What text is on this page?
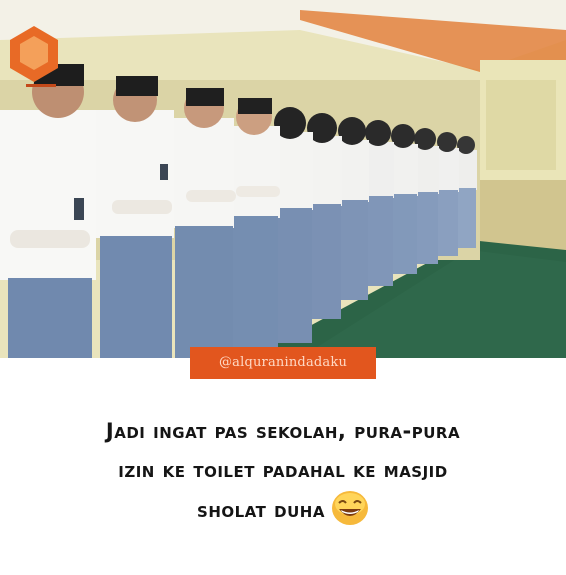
@alquranindadaku
Jadi ingat pas sekolah, pura-pura
izin ke toilet padahal ke masjid
sholat duha
